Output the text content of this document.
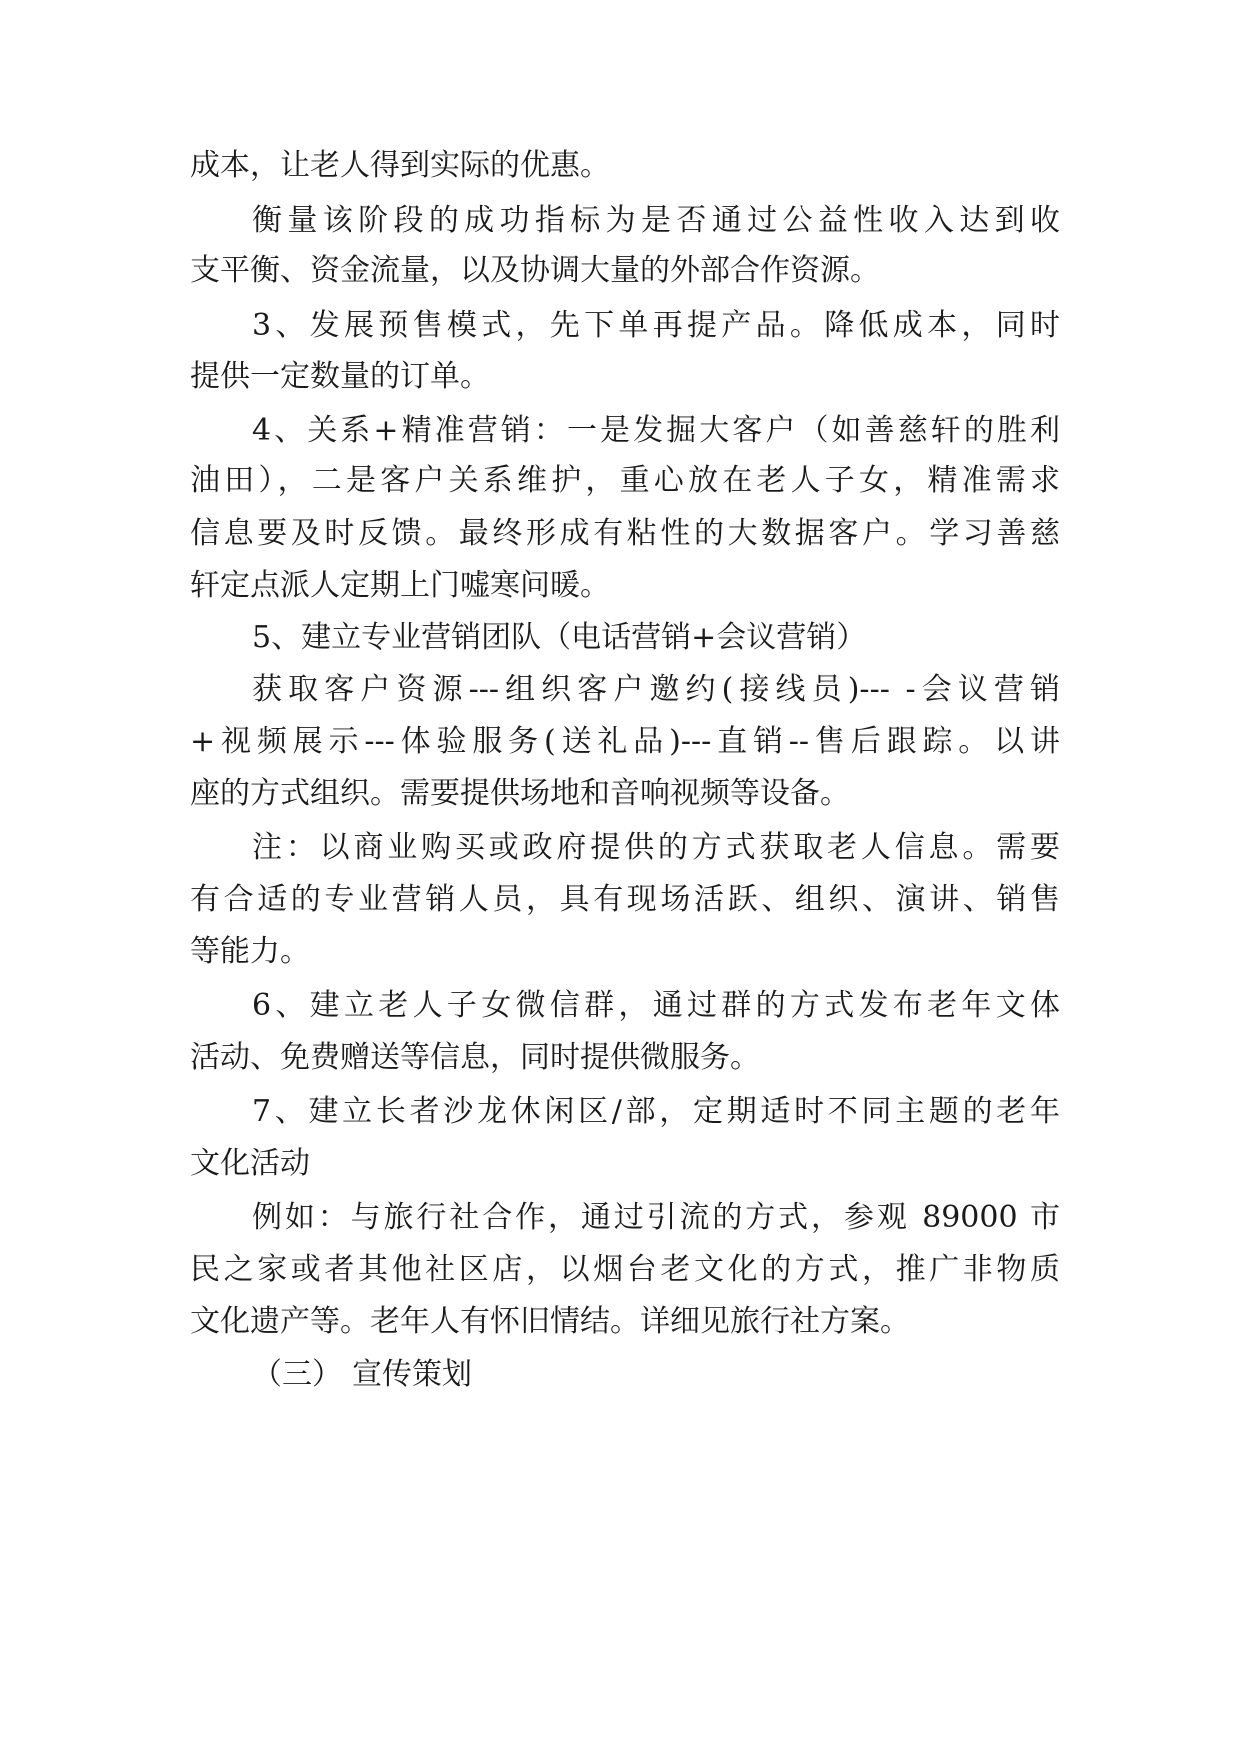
成本，让老人得到实际的优惠。
衡量该阶段的成功指标为是否通过公益性收入达到收
支平衡、资金流量，以及协调大量的外部合作资源。
3、发展预售模式，先下单再提产品。降低成本，同时
提供一定数量的订单。
4、关系+精准营销：一是发掘大客户（如善慈轩的胜利
油田），二是客户关系维护，重心放在老人子女，精准需求
信息要及时反馈。最终形成有粘性的大数据客户。学习善慈
轩定点派人定期上门嘘寒问暖。
5、建立专业营销团队（电话营销+会议营销）
获取客户资源---组织客户邀约(接线员)--- -会议营销
+视频展示---体验服务(送礼品)---直销--售后跟踪。以讲
座的方式组织。需要提供场地和音响视频等设备。
注：以商业购买或政府提供的方式获取老人信息。需要
有合适的专业营销人员，具有现场活跃、组织、演讲、销售
等能力。
6、建立老人子女微信群，通过群的方式发布老年文体
活动、免费赠送等信息，同时提供微服务。
7、建立长者沙龙休闲区/部，定期适时不同主题的老年
文化活动
例如：与旅行社合作，通过引流的方式，参观 89000 市
民之家或者其他社区店，以烟台老文化的方式，推广非物质
文化遗产等。老年人有怀旧情结。详细见旅行社方案。
（三） 宣传策划
